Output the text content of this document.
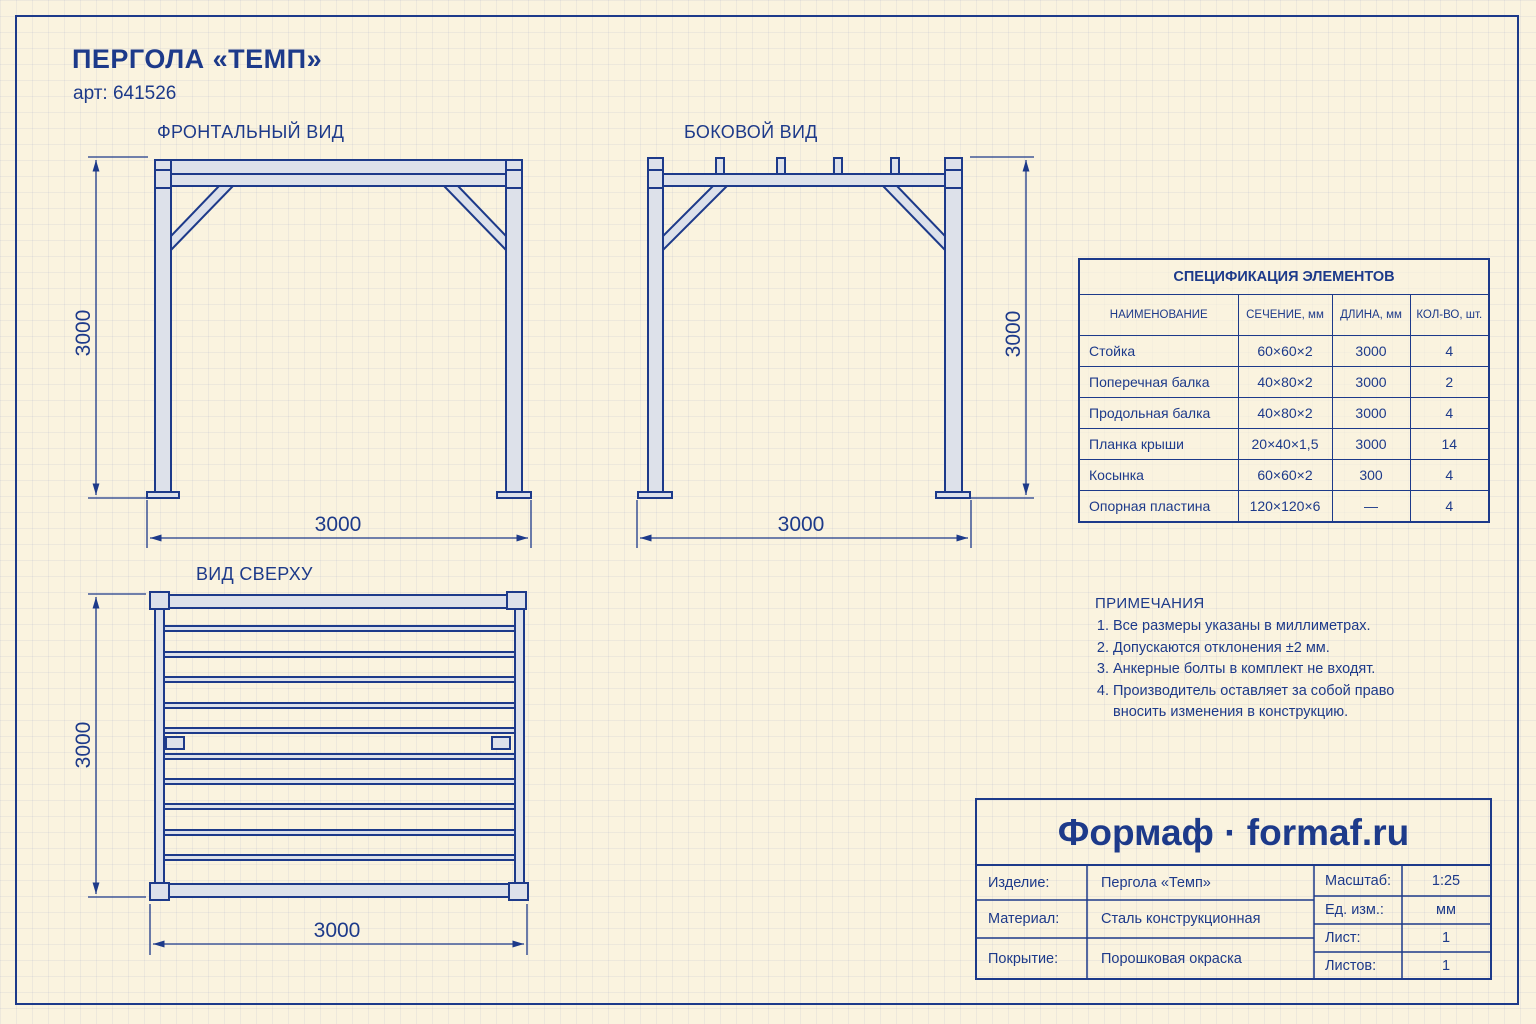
ПЕРГОЛА «ТЕМП»
арт: 641526
ФРОНТАЛЬНЫЙ ВИД	БОКОВОЙ ВИД
ВИД СВЕРХУ
3000
3000
3000
3000
3000
3000
СПЕЦИФИКАЦИЯ ЭЛЕМЕНТОВ
НАИМЕНОВАНИЕ	СЕЧЕНИЕ, мм	ДЛИНА, мм	КОЛ-ВО, шт.
Стойка	60×60×2	3000	4
Поперечная балка	40×80×2	3000	2
Продольная балка	40×80×2	3000	4
Планка крыши	20×40×1,5	3000	14
Косынка	60×60×2	300	4
Опорная пластина	120×120×6	—	4
ПРИМЕЧАНИЯ
1. Все размеры указаны в миллиметрах.
2. Допускаются отклонения ±2 мм.
3. Анкерные болты в комплект не входят.
4. Производитель оставляет за собой право вносить изменения в конструкцию.
Формаф · formaf.ru
Изделие:	Пергола «Темп»
Материал:	Сталь конструкционная
Покрытие:	Порошковая окраска
Масштаб:	1:25
Ед. изм.:	мм
Лист:	1
Листов:	1
